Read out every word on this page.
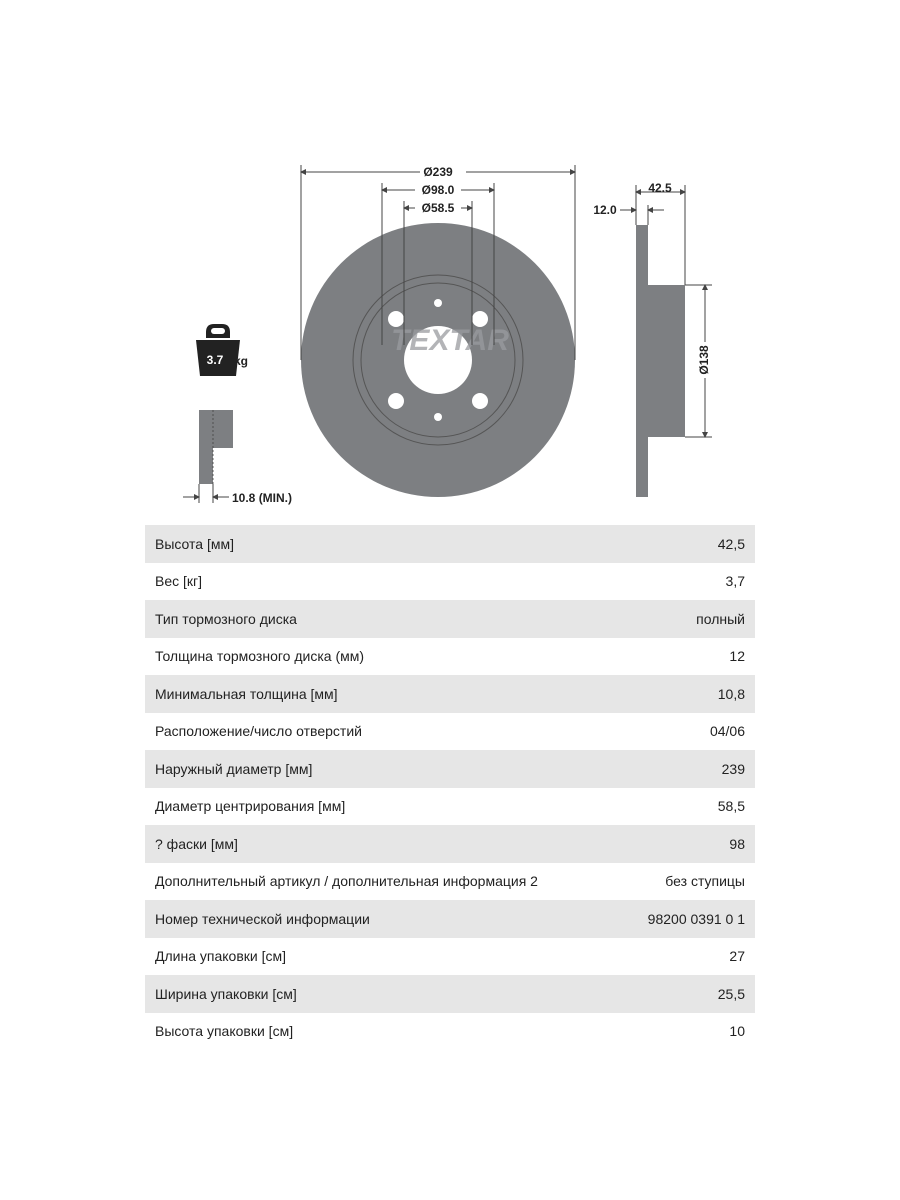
TEXTAR
Ø239
Ø98.0
Ø58.5
42.5
12.0
Ø138
3.7 kg
10.8 (MIN.)
Высота [мм]	42,5
Вес [кг]	3,7
Тип тормозного диска	полный
Толщина тормозного диска (мм)	12
Минимальная толщина [мм]	10,8
Расположение/число отверстий	04/06
Наружный диаметр [мм]	239
Диаметр центрирования [мм]	58,5
? фаски [мм]	98
Дополнительный артикул / дополнительная информация 2	без ступицы
Номер технической информации	98200 0391 0 1
Длина упаковки [см]	27
Ширина упаковки [см]	25,5
Высота упаковки [см]	10
